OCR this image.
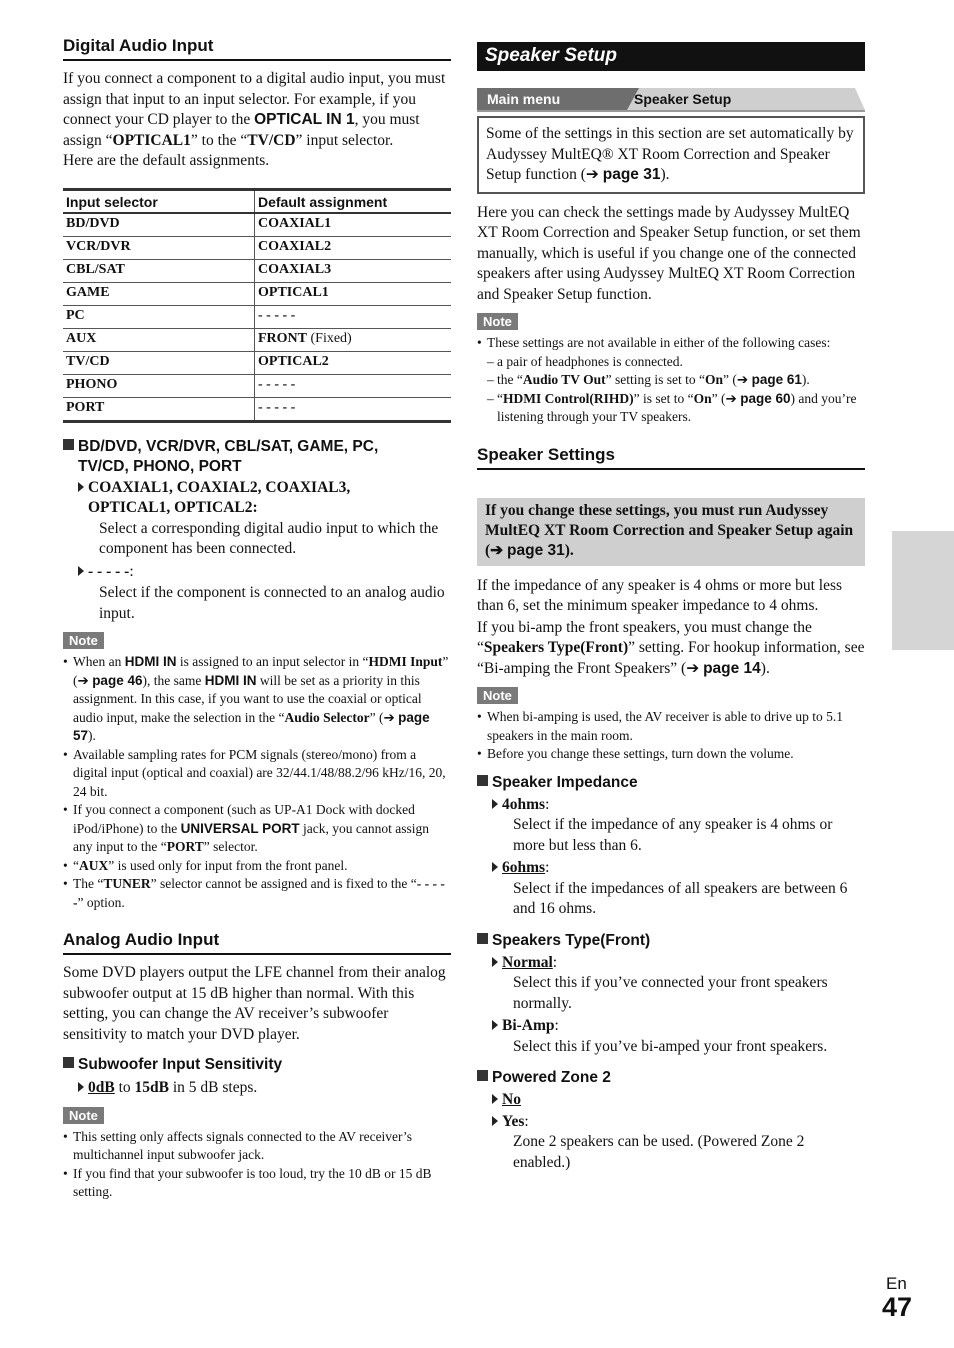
Digital Audio Input

If you connect a component to a digital audio input, you must assign that input to an input selector. For example, if you connect your CD player to the OPTICAL IN 1, you must assign “OPTICAL1” to the “TV/CD” input selector.

Here are the default assignments.

Input selector	Default assignment
BD/DVD	COAXIAL1
VCR/DVR	COAXIAL2
CBL/SAT	COAXIAL3
GAME	OPTICAL1
PC	- - - - -
AUX	FRONT (Fixed)
TV/CD	OPTICAL2
PHONO	- - - - -
PORT	- - - - -
BD/DVD, VCR/DVR, CBL/SAT, GAME, PC,
TV/CD, PHONO, PORT
COAXIAL1, COAXIAL2, COAXIAL3,
OPTICAL1, OPTICAL2:

Select a corresponding digital audio input to which the component has been connected.

- - - - -:

Select if the component is connected to an analog audio input.

Note
• When an HDMI IN is assigned to an input selector in “HDMI Input” (➔ page 46), the same HDMI IN will be set as a priority in this assignment. In this case, if you want to use the coaxial or optical audio input, make the selection in the “Audio Selector” (➔ page 57).
• Available sampling rates for PCM signals (stereo/mono) from a digital input (optical and coaxial) are 32/44.1/48/88.2/96 kHz/16, 20, 24 bit.
• If you connect a component (such as UP-A1 Dock with docked iPod/iPhone) to the UNIVERSAL PORT jack, you cannot assign any input to the “PORT” selector.
• “AUX” is used only for input from the front panel.
• The “TUNER” selector cannot be assigned and is fixed to the “- - - - -” option.
Analog Audio Input

Some DVD players output the LFE channel from their analog subwoofer output at 15 dB higher than normal. With this setting, you can change the AV receiver’s subwoofer sensitivity to match your DVD player.

Subwoofer Input Sensitivity
0dB to 15dB in 5 dB steps.
Note
• This setting only affects signals connected to the AV receiver’s multichannel input subwoofer jack.
• If you find that your subwoofer is too loud, try the 10 dB or 15 dB setting.
Speaker Setup
Speaker Setup
Main menu
Some of the settings in this section are set automatically by Audyssey MultEQ® XT Room Correction and Speaker Setup function (➔ page 31).

Here you can check the settings made by Audyssey MultEQ XT Room Correction and Speaker Setup function, or set them manually, which is useful if you change one of the connected speakers after using Audyssey MultEQ XT Room Correction and Speaker Setup function.

Note
• These settings are not available in either of the following cases:
– a pair of headphones is connected.
– the “Audio TV Out” setting is set to “On” (➔ page 61).
– “HDMI Control(RIHD)” is set to “On” (➔ page 60) and you’re listening through your TV speakers.
Speaker Settings
If you change these settings, you must run Audyssey MultEQ XT Room Correction and Speaker Setup again (➔ page 31).

If the impedance of any speaker is 4 ohms or more but less than 6, set the minimum speaker impedance to 4 ohms.

If you bi-amp the front speakers, you must change the “Speakers Type(Front)” setting. For hookup information, see “Bi-amping the Front Speakers” (➔ page 14).

Note
• When bi-amping is used, the AV receiver is able to drive up to 5.1 speakers in the main room.
• Before you change these settings, turn down the volume.
Speaker Impedance
4ohms:

Select if the impedance of any speaker is 4 ohms or more but less than 6.

6ohms:

Select if the impedances of all speakers are between 6 and 16 ohms.

Speakers Type(Front)
Normal:

Select this if you’ve connected your front speakers normally.

Bi-Amp:

Select this if you’ve bi-amped your front speakers.

Powered Zone 2
No
Yes:

Zone 2 speakers can be used. (Powered Zone 2 enabled.)

En
47
